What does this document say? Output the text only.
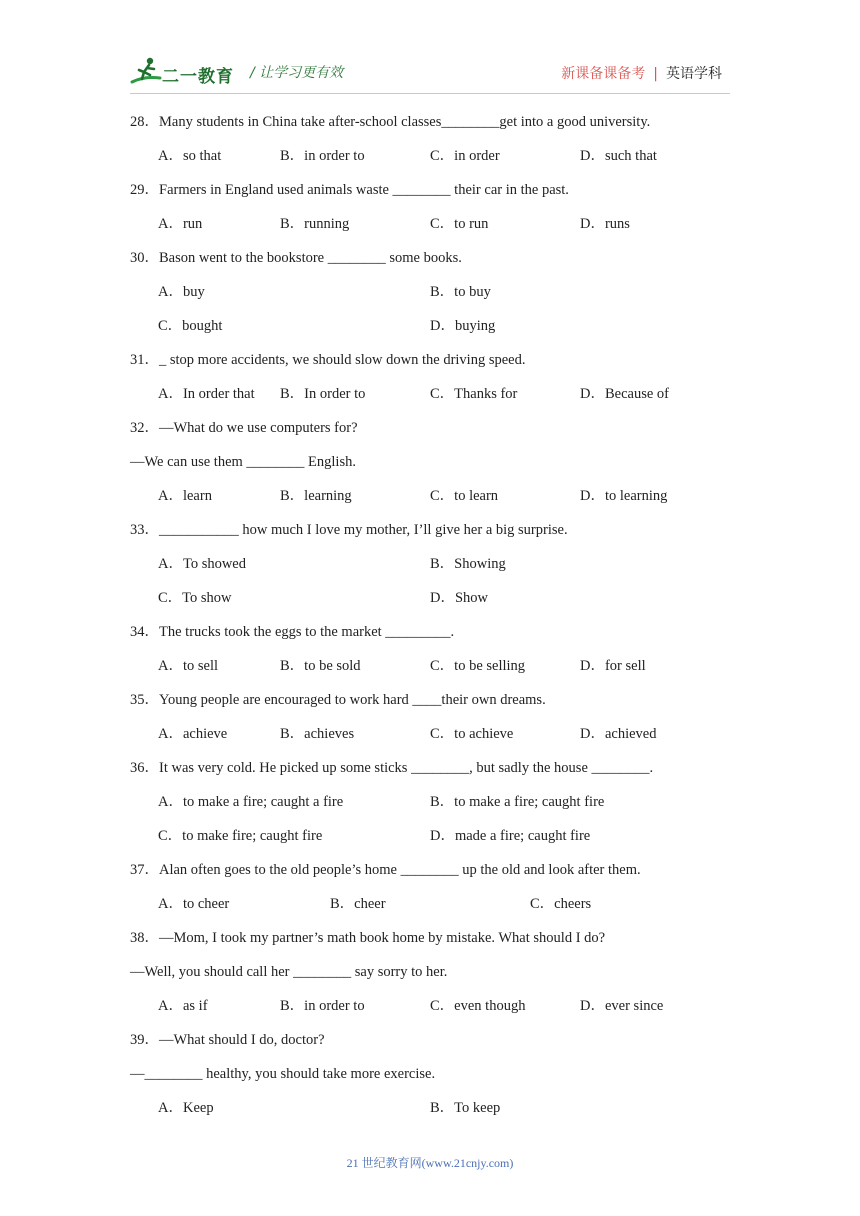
二一教育 / 让学习更有效	新课备课备考 | 英语学科
28．Many students in China take after-school classes________get into a good university.
A．so that	B．in order to	C．in order	D．such that
29．Farmers in England used animals waste ________ their car in the past.
A．run	B．running	C．to run	D．runs
30．Bason went to the bookstore ________ some books.
A．buy	B．to buy
C．bought	D．buying
31．_ stop more accidents, we should slow down the driving speed.
A．In order that B．In order to	C．Thanks for	D．Because of
32．—What do we use computers for?
—We can use them ________ English.
A．learn	B．learning	C．to learn	D．to learning
33．___________ how much I love my mother, I’ll give her a big surprise.
A．To showed	B．Showing
C．To show	D．Show
34．The trucks took the eggs to the market _________.
A．to sell	B．to be sold	C．to be selling	D．for sell
35．Young people are encouraged to work hard ____their own dreams.
A．achieve	B．achieves	C．to achieve	D．achieved
36．It was very cold. He picked up some sticks ________, but sadly the house ________.
A．to make a fire; caught a fire	B．to make a fire; caught fire
C．to make fire; caught fire	D．made a fire; caught fire
37．Alan often goes to the old people’s home ________ up the old and look after them.
A．to cheer	B．cheer	C．cheers
38．—Mom, I took my partner’s math book home by mistake. What should I do?
—Well, you should call her ________ say sorry to her.
A．as if	B．in order to	C．even though	D．ever since
39．—What should I do, doctor?
—________ healthy, you should take more exercise.
A．Keep	B．To keep
21 世纪教育网(www.21cnjy.com)
